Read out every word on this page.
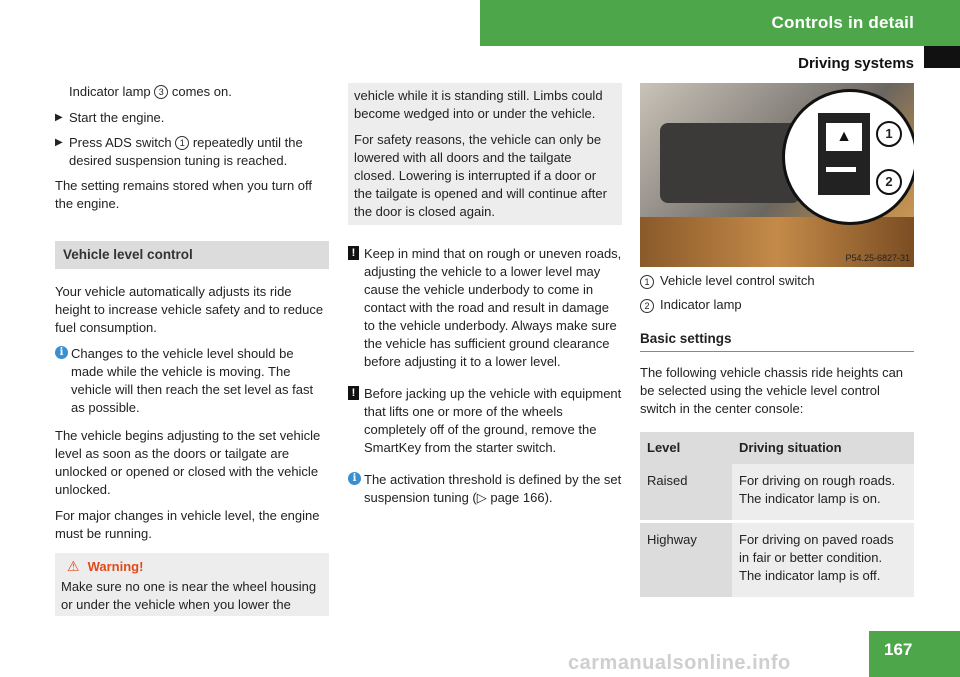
Controls in detail
Driving systems

Indicator lamp 3 comes on.

▶ Start the engine.
▶ Press ADS switch 1 repeatedly until the desired suspension tuning is reached.

The setting remains stored when you turn off the engine.

Vehicle level control

Your vehicle automatically adjusts its ride height to increase vehicle safety and to reduce fuel consumption.

i Changes to the vehicle level should be made while the vehicle is moving. The vehicle will then reach the set level as fast as possible.

The vehicle begins adjusting to the set vehicle level as soon as the doors or tailgate are unlocked or opened or closed with the vehicle unlocked.

For major changes in vehicle level, the engine must be running.

⚠ Warning!
Make sure no one is near the wheel housing or under the vehicle when you lower the

vehicle while it is standing still. Limbs could become wedged into or under the vehicle.

For safety reasons, the vehicle can only be lowered with all doors and the tailgate closed. Lowering is interrupted if a door or the tailgate is opened and will continue after the door is closed again.

! Keep in mind that on rough or uneven roads, adjusting the vehicle to a lower level may cause the vehicle underbody to come in contact with the road and result in damage to the vehicle underbody. Always make sure the vehicle has sufficient ground clearance before adjusting it to a lower level.
! Before jacking up the vehicle with equipment that lifts one or more of the wheels completely off of the ground, remove the SmartKey from the starter switch.
i The activation threshold is defined by the set suspension tuning (▷ page 166).
▲	1
2
P54.25-6827-31
1 Vehicle level control switch
2 Indicator lamp
Basic settings

The following vehicle chassis ride heights can be selected using the vehicle level control switch in the center console:

Level	Driving situation
Raised	For driving on rough roads. The indicator lamp is on.
Highway	For driving on paved roads in fair or better condition. The indicator lamp is off.
carmanualsonline.info
167
